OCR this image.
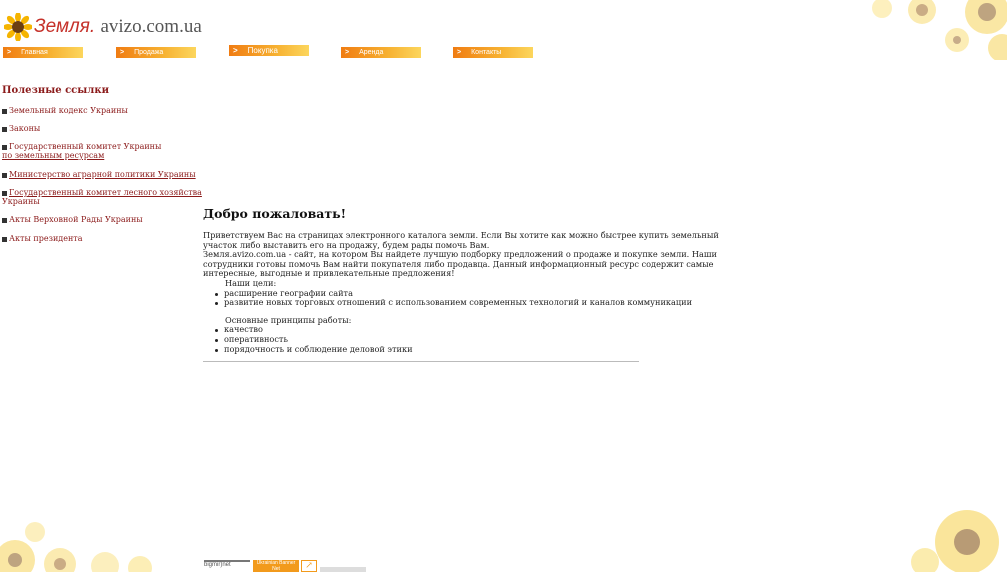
Земля. avizo.com.ua
> Главная	> Продажа	> Покупка	> Аренда	> Контакты
Полезные ссылки
Земельный кодекс Украины
Законы
Государственный комитет Украины
по земельным ресурсам
Министерство аграрной политики Украины
Государственный комитет лесного хозяйства
Украины
Акты Верховной Рады Украины
Акты президента
Добро пожаловать!
Приветствуем Вас на страницах электронного каталога земли. Если Вы хотите как можно быстрее купить земельный участок либо выставить его на продажу, будем рады помочь Вам.
Земля.avizo.com.ua - сайт, на котором Вы найдете лучшую подборку предложений о продаже и покупке земли. Наши сотрудники готовы помочь Вам найти покупателя либо продавца. Данный информационный ресурс содержит самые интересные, выгодные и привлекательные предложения!
Наши цели:
расширение географии сайта
развитие новых торговых отношений с использованием современных технологий и каналов коммуникации
Основные принципы работы:
качество
оперативность
порядочность и соблюдение деловой этики
bigmir)net	Ukrainian Banner Net	↗
